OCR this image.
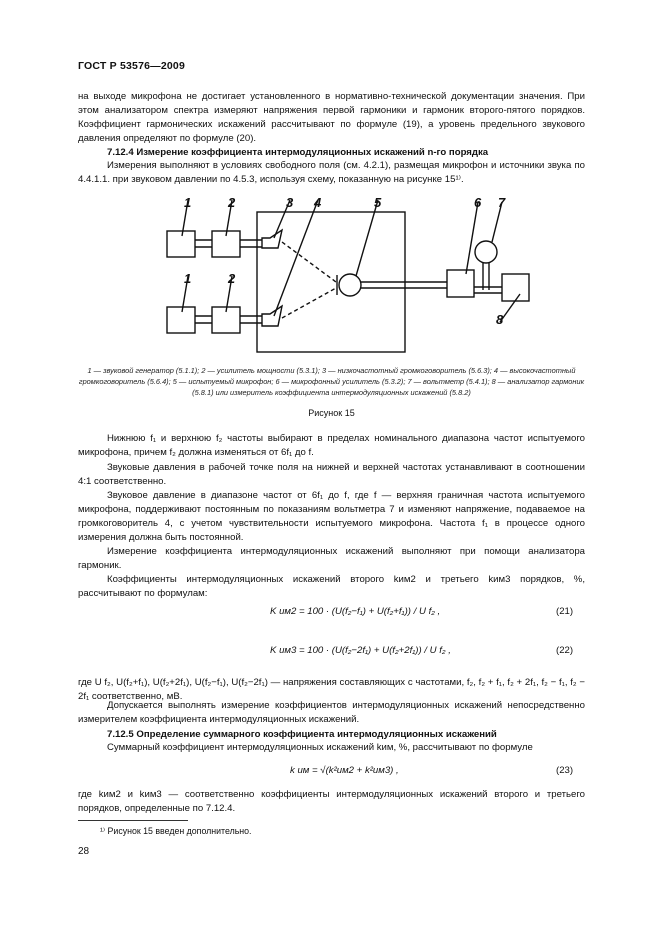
ГОСТ Р 53576—2009
на выходе микрофона не достигает установленного в нормативно-технической документации значения. При этом анализатором спектра измеряют напряжения первой гармоники и гармоник второго-пятого порядков. Коэффициент гармонических искажений рассчитывают по формуле (19), а уровень предельного звукового давления определяют по формуле (20).
7.12.4 Измерение коэффициента интермодуляционных искажений n-го порядка
Измерения выполняют в условиях свободного поля (см. 4.2.1), размещая микрофон и источники звука по 4.4.1.1. при звуковом давлении по 4.5.3, используя схему, показанную на рисунке 15¹⁾.
1	2	3 4	5	6 7
1	2
8
1 — звуковой генератор (5.1.1); 2 — усилитель мощности (5.3.1); 3 — низкочастотный громкоговоритель (5.6.3); 4 — высокочастотный громкоговоритель (5.6.4); 5 — испытуемый микрофон; 6 — микрофонный усилитель (5.3.2); 7 — вольтметр (5.4.1); 8 — анализатор гармоник (5.8.1) или измеритель коэффициента интермодуляционных искажений (5.8.2)
Рисунок 15
Нижнюю f₁ и верхнюю f₂ частоты выбирают в пределах номинального диапазона частот испытуемого микрофона, причем f₂ должна изменяться от 6f₁ до f.
Звуковые давления в рабочей точке поля на нижней и верхней частотах устанавливают в соотношении 4:1 соответственно.
Звуковое давление в диапазоне частот от 6f₁ до f, где f — верхняя граничная частота испытуемого микрофона, поддерживают постоянным по показаниям вольтметра 7 и изменяют напряжение, подаваемое на громкоговоритель 4, с учетом чувствительности испытуемого микрофона. Частота f₁ в процессе одного измерения должна быть постоянной.
Измерение коэффициента интермодуляционных искажений выполняют при помощи анализатора гармоник.
Коэффициенты интермодуляционных искажений второго kим2 и третьего kим3 порядков, %, рассчитывают по формулам:
K им2 = 100 · (U(f₂−f₁) + U(f₂+f₁)) / U f₂ ,	(21)
K им3 = 100 · (U(f₂−2f₁) + U(f₂+2f₁)) / U f₂ ,	(22)
где U f₂, U(f₂+f₁), U(f₂+2f₁), U(f₂−f₁), U(f₂−2f₁) — напряжения составляющих с частотами, f₂, f₂ + f₁, f₂ + 2f₁, f₂ − f₁, f₂ − 2f₁ соответственно, мВ.
Допускается выполнять измерение коэффициентов интермодуляционных искажений непосредственно измерителем коэффициента интермодуляционных искажений.
7.12.5 Определение суммарного коэффициента интермодуляционных искажений
Суммарный коэффициент интермодуляционных искажений kим, %, рассчитывают по формуле
k им = √(k²им2 + k²им3) ,	(23)
где kим2 и kим3 — соответственно коэффициенты интермодуляционных искажений второго и третьего порядков, определенные по 7.12.4.
¹⁾ Рисунок 15 введен дополнительно.
28
